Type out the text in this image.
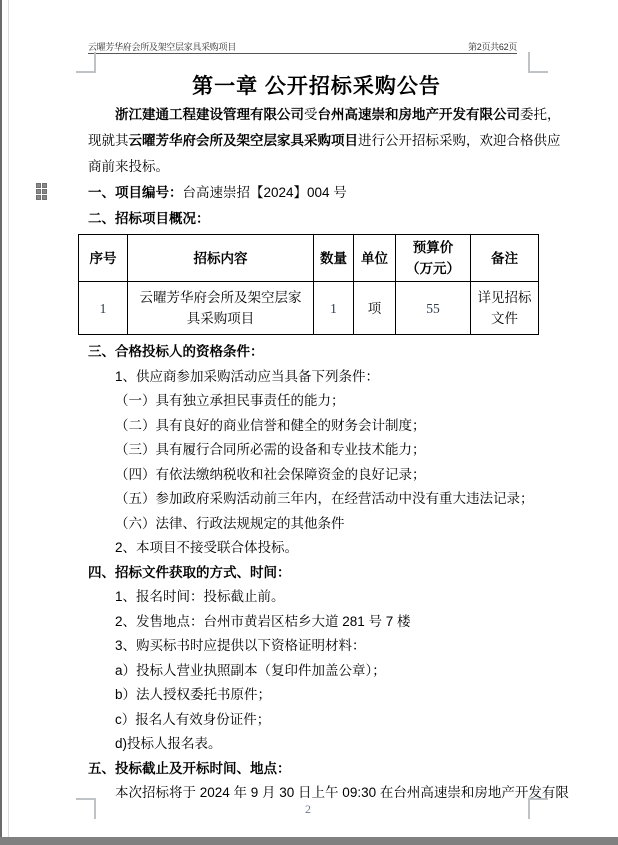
云曜芳华府会所及架空层家具采购项目	第2页共62页
第一章 公开招标采购公告
浙江建通工程建设管理有限公司受台州高速崇和房地产开发有限公司委托，
现就其云曜芳华府会所及架空层家具采购项目进行公开招标采购，欢迎合格供应
商前来投标。
一、项目编号：台高速崇招【2024】004 号
二、招标项目概况：
序号	招标内容	数量	单位	预算价（万元）	备注
1	云曜芳华府会所及架空层家具采购项目	1	项	55	详见招标文件
三、合格投标人的资格条件：
1、供应商参加采购活动应当具备下列条件：
（一）具有独立承担民事责任的能力；
（二）具有良好的商业信誉和健全的财务会计制度；
（三）具有履行合同所必需的设备和专业技术能力；
（四）有依法缴纳税收和社会保障资金的良好记录；
（五）参加政府采购活动前三年内，在经营活动中没有重大违法记录；
（六）法律、行政法规规定的其他条件
2、本项目不接受联合体投标。
四、招标文件获取的方式、时间：
1、报名时间：投标截止前。
2、发售地点：台州市黄岩区桔乡大道 281 号 7 楼
3、购买标书时应提供以下资格证明材料：
a）投标人营业执照副本（复印件加盖公章）；
b）法人授权委托书原件；
c）报名人有效身份证件；
d)投标人报名表。
五、投标截止及开标时间、地点：
本次招标将于 2024 年 9 月 30 日上午 09:30 在台州高速崇和房地产开发有限
2
